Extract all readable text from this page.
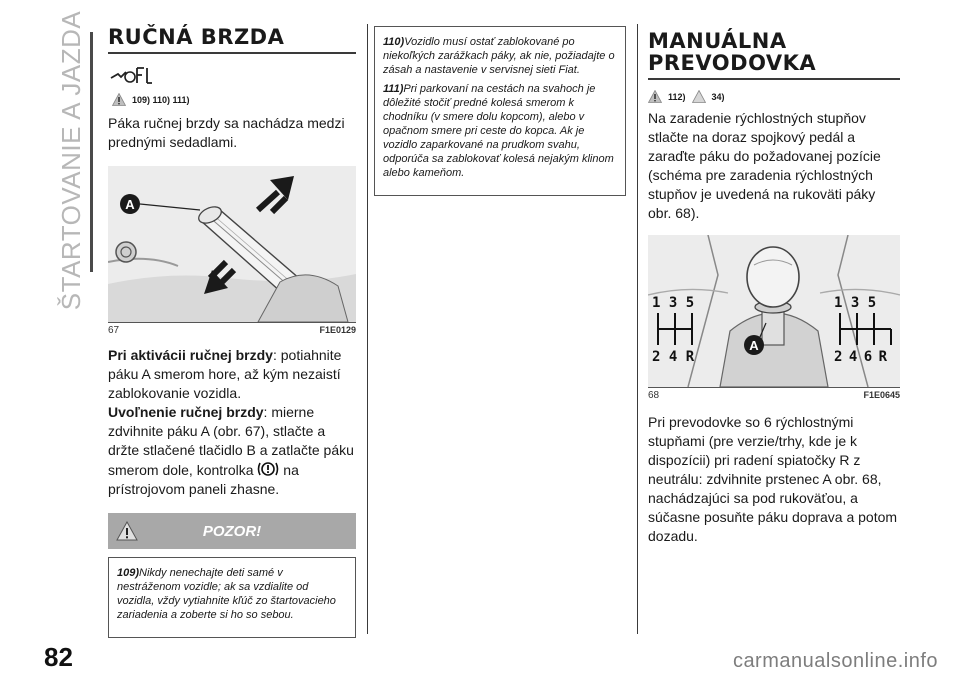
ŠTARTOVANIE A JAZDA
82	carmanualsonline.info
RUČNÁ BRZDA
109) 110) 111)

Páka ručnej brzdy sa nachádza medzi prednými sedadlami.

A
67	F1E0129

Pri aktivácii ručnej brzdy: potiahnite páku A smerom hore, až kým nezaistí zablokovanie vozidla.

Uvoľnenie ručnej brzdy: mierne zdvihnite páku A (obr. 67), stlačte a držte stlačené tlačidlo B a zatlačte páku smerom dole, kontrolka na prístrojovom paneli zhasne.

POZOR!

109)Nikdy nenechajte deti samé v nestráženom vozidle; ak sa vzdialite od vozidla, vždy vytiahnite kľúč zo štartovacieho zariadenia a zoberte si ho so sebou.

110)Vozidlo musí ostať zablokované po niekoľkých zarážkach páky, ak nie, požiadajte o zásah a nastavenie v servisnej sieti Fiat.

111)Pri parkovaní na cestách na svahoch je dôležité stočiť predné kolesá smerom k chodníku (v smere dolu kopcom), alebo v opačnom smere pri ceste do kopca. Ak je vozidlo zaparkované na prudkom svahu, odporúča sa zablokovať kolesá nejakým klinom alebo kameňom.

MANUÁLNA
PREVODOVKA
112)	34)

Na zaradenie rýchlostných stupňov stlačte na doraz spojkový pedál a zaraďte páku do požadovanej pozície (schéma pre zaradenia rýchlostných stupňov je uvedená na rukoväti páky obr. 68).

A
1 3 5
2 4 R
1 3 5
2 4 6 R
68	F1E0645

Pri prevodovke so 6 rýchlostnými stupňami (pre verzie/trhy, kde je k dispozícii) pri radení spiatočky R z neutrálu: zdvihnite prstenec A obr. 68, nachádzajúci sa pod rukoväťou, a súčasne posuňte páku doprava a potom dozadu.
